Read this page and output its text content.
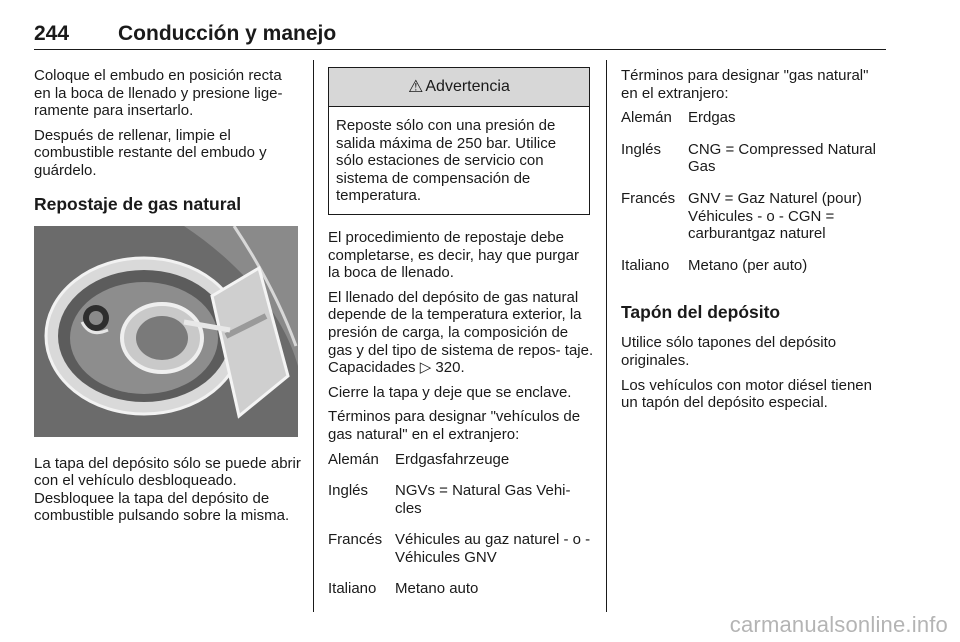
244 Conducción y manejo

Coloque el embudo en posición recta en la boca de llenado y presione lige- ramente para insertarlo.

Después de rellenar, limpie el combustible restante del embudo y guárdelo.

Repostaje de gas natural

La tapa del depósito sólo se puede abrir con el vehículo desbloqueado. Desbloquee la tapa del depósito de combustible pulsando sobre la misma.

⚠ Advertencia
Reposte sólo con una presión de salida máxima de 250 bar. Utilice sólo estaciones de servicio con sistema de compensación de temperatura.

El procedimiento de repostaje debe completarse, es decir, hay que purgar la boca de llenado.

El llenado del depósito de gas natural depende de la temperatura exterior, la presión de carga, la composición de gas y del tipo de sistema de repos- taje. Capacidades ▷ 320.

Cierre la tapa y deje que se enclave.

Términos para designar "vehículos de gas natural" en el extranjero:

Alemán	Erdgasfahrzeuge
Inglés	NGVs = Natural Gas Vehi- cles
Francés	Véhicules au gaz naturel - o - Véhicules GNV
Italiano	Metano auto

Términos para designar "gas natural" en el extranjero:

Alemán	Erdgas
Inglés	CNG = Compressed Natural Gas
Francés	GNV = Gaz Naturel (pour) Véhicules - o - CGN = carburantgaz naturel
Italiano	Metano (per auto)
Tapón del depósito

Utilice sólo tapones del depósito originales.

Los vehículos con motor diésel tienen un tapón del depósito especial.

carmanualsonline.info
